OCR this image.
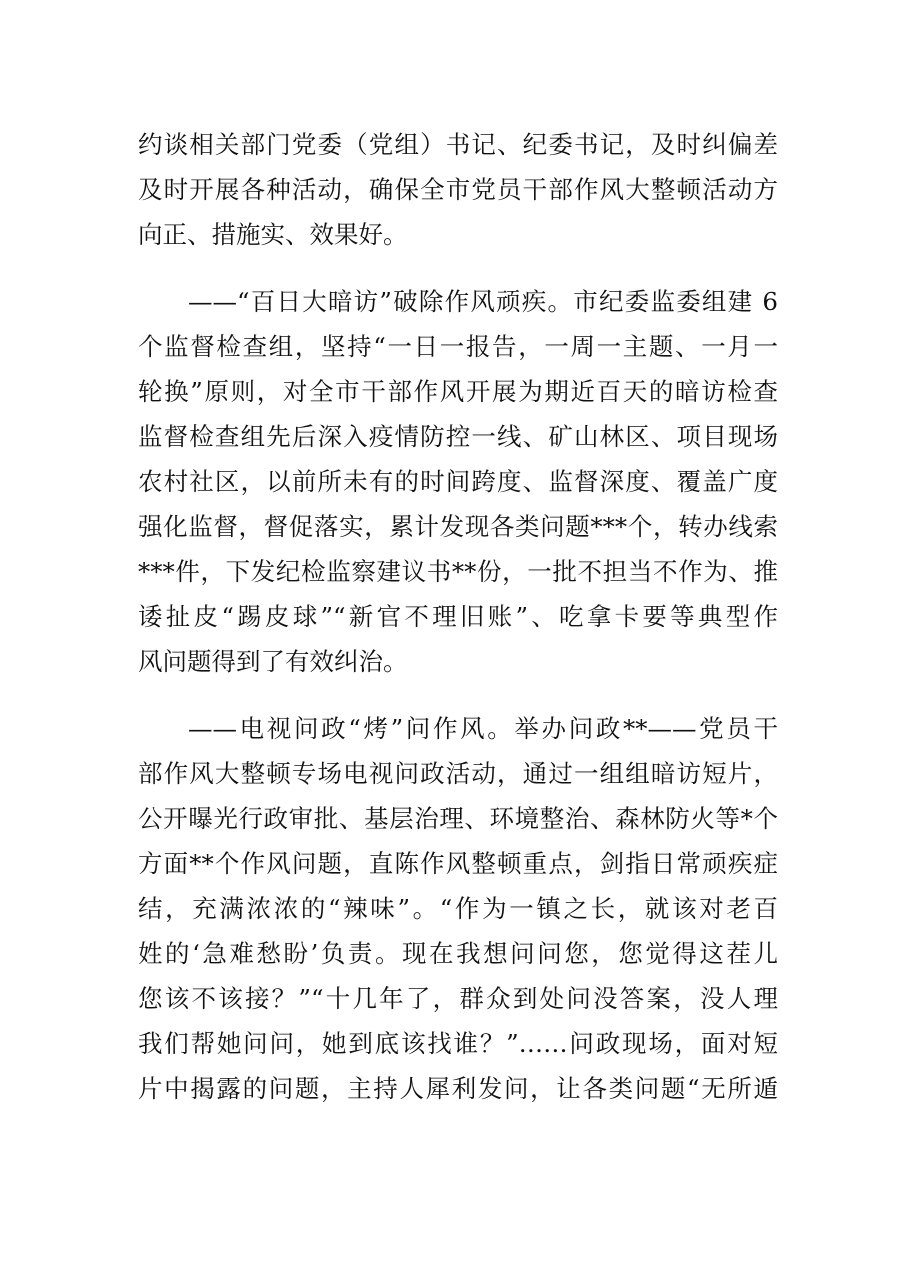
约谈相关部门党委（党组）书记、纪委书记，及时纠偏差
及时开展各种活动，确保全市党员干部作风大整顿活动方
向正、措施实、效果好。
——“百日大暗访”破除作风顽疾。市纪委监委组建 6
个监督检查组，坚持“一日一报告，一周一主题、一月一
轮换”原则，对全市干部作风开展为期近百天的暗访检查
监督检查组先后深入疫情防控一线、矿山林区、项目现场
农村社区，以前所未有的时间跨度、监督深度、覆盖广度
强化监督，督促落实，累计发现各类问题***个，转办线索
***件，下发纪检监察建议书**份，一批不担当不作为、推
诿扯皮“踢皮球”“新官不理旧账”、吃拿卡要等典型作
风问题得到了有效纠治。
——电视问政“烤”问作风。举办问政**——党员干
部作风大整顿专场电视问政活动，通过一组组暗访短片，
公开曝光行政审批、基层治理、环境整治、森林防火等*个
方面**个作风问题，直陈作风整顿重点，剑指日常顽疾症
结，充满浓浓的“辣味”。“作为一镇之长，就该对老百
姓的‘急难愁盼’负责。现在我想问问您，您觉得这茬儿
您该不该接？”“十几年了，群众到处问没答案，没人理
我们帮她问问，她到底该找谁？”……问政现场，面对短
片中揭露的问题，主持人犀利发问，让各类问题“无所遁
